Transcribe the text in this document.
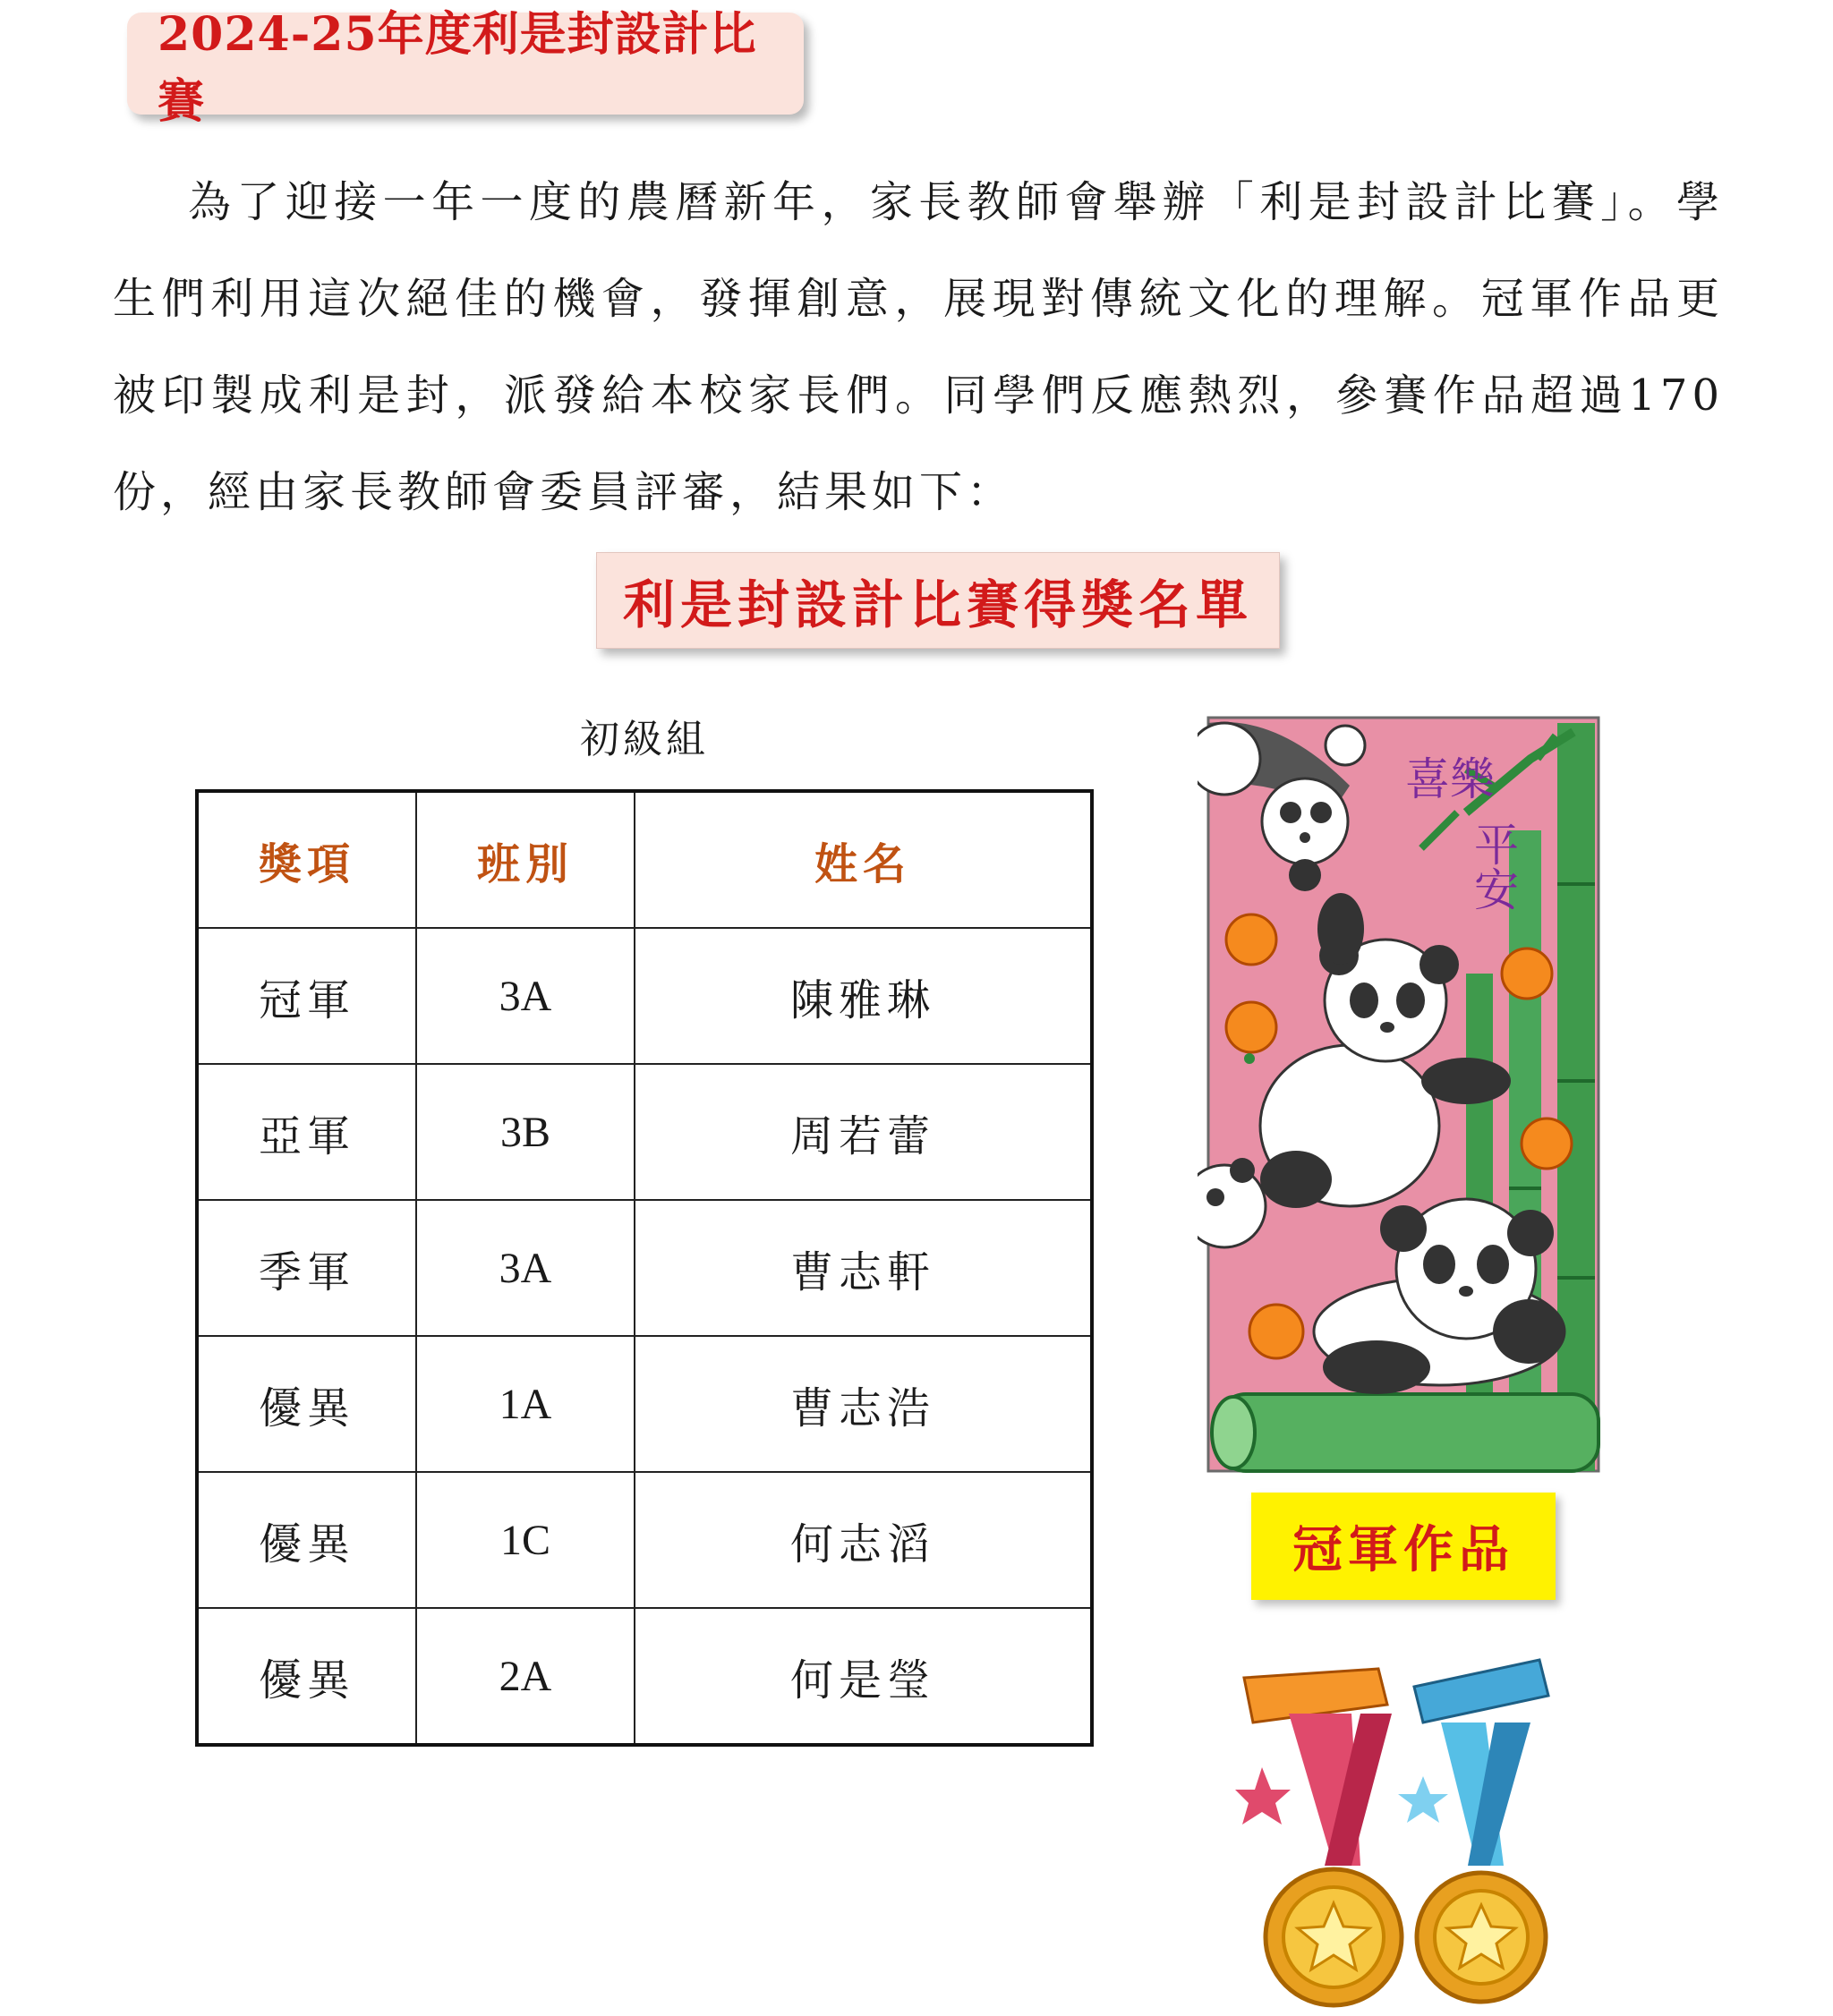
2024-25年度利是封設計比賽
為了迎接一年一度的農曆新年，家長教師會舉辦「利是封設計比賽」。學生們利用這次絕佳的機會，發揮創意，展現對傳統文化的理解。冠軍作品更被印製成利是封，派發給本校家長們。同學們反應熱烈，參賽作品超過170份，經由家長教師會委員評審，結果如下：
利是封設計比賽得獎名單
初級組
獎項	班別	姓名
冠軍	3A	陳雅琳
亞軍	3B	周若蕾
季軍	3A	曹志軒
優異	1A	曹志浩
優異	1C	何志滔
優異	2A	何是瑩
喜樂
平安
冠軍作品
